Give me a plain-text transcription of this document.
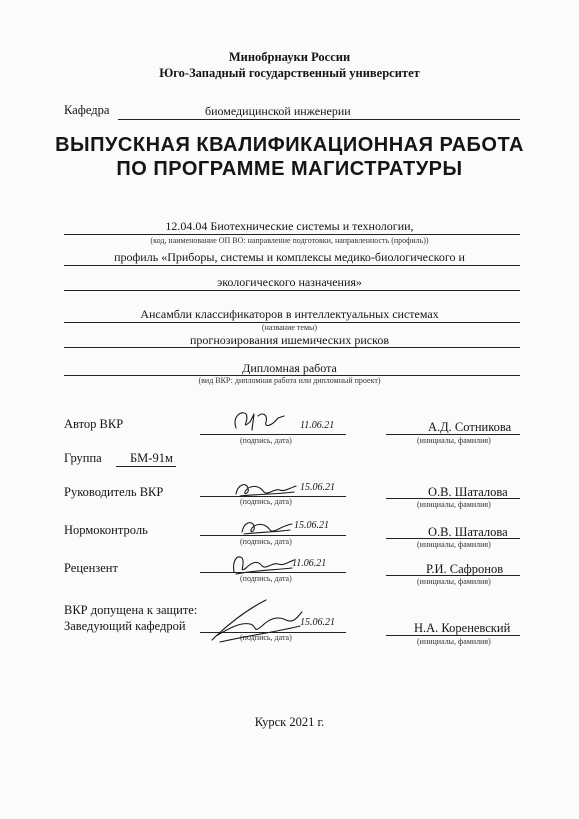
Минобрнауки России
Юго-Западный государственный университет
Кафедра	биомедицинской инженерии
ВЫПУСКНАЯ КВАЛИФИКАЦИОННАЯ РАБОТА
ПО ПРОГРАММЕ МАГИСТРАТУРЫ
12.04.04 Биотехнические системы и технологии,
(код, наименование ОП ВО: направление подготовки, направленность (профиль))
профиль «Приборы, системы и комплексы медико-биологического и
экологического назначения»
Ансамбли классификаторов в интеллектуальных системах
(название темы)
прогнозирования ишемических рисков
Дипломная работа
(вид ВКР: дипломная работа или дипломный проект)
Автор ВКР	11.06.21
(подпись, дата)
А.Д. Сотникова
(инициалы, фамилия)
Группа БМ-91м
Руководитель ВКР	15.06.21
(подпись, дата)
О.В. Шаталова
(инициалы, фамилия)
Нормоконтроль	15.06.21
(подпись, дата)
О.В. Шаталова
(инициалы, фамилия)
Рецензент	11.06.21
(подпись, дата)
Р.И. Сафронов
(инициалы, фамилия)
ВКР допущена к защите:
Заведующий кафедрой	15.06.21
(подпись, дата)
Н.А. Кореневский
(инициалы, фамилия)
Курск 2021 г.
